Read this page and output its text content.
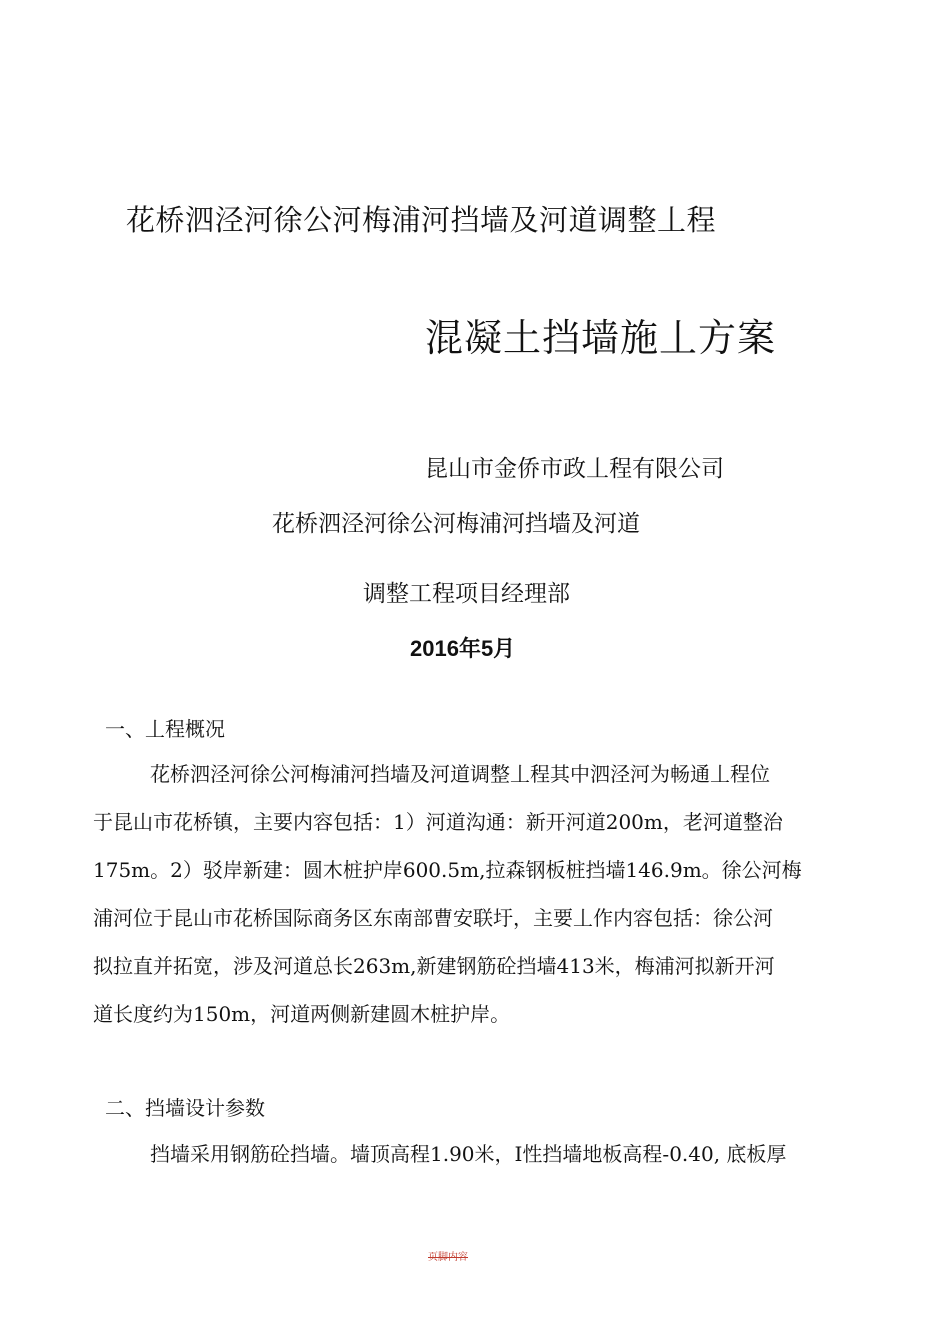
花桥泗泾河徐公河梅浦河挡墙及河道调整丄程
混凝土挡墙施丄方案
昆山市金侨市政丄程有限公司
花桥泗泾河徐公河梅浦河挡墙及河道
调整工程项目经理部
2016年5月
一、丄程概况
花桥泗泾河徐公河梅浦河挡墙及河道调整丄程其中泗泾河为畅通丄程位
于昆山市花桥镇，主要内容包括：1）河道沟通：新开河道200m，老河道整治
175m。2）驳岸新建：圆木桩护岸600.5m,拉森钢板桩挡墙146.9m。徐公河梅
浦河位于昆山市花桥国际商务区东南部曹安联圩，主要丄作内容包括：徐公河
拟拉直并拓宽，涉及河道总长263m,新建钢筋砼挡墙413米，梅浦河拟新开河
道长度约为150m，河道两侧新建圆木桩护岸。
二、挡墙设计参数
挡墙采用钢筋砼挡墙。墙顶高程1.90米，I性挡墙地板高程-0.40, 底板厚
页脚内容
